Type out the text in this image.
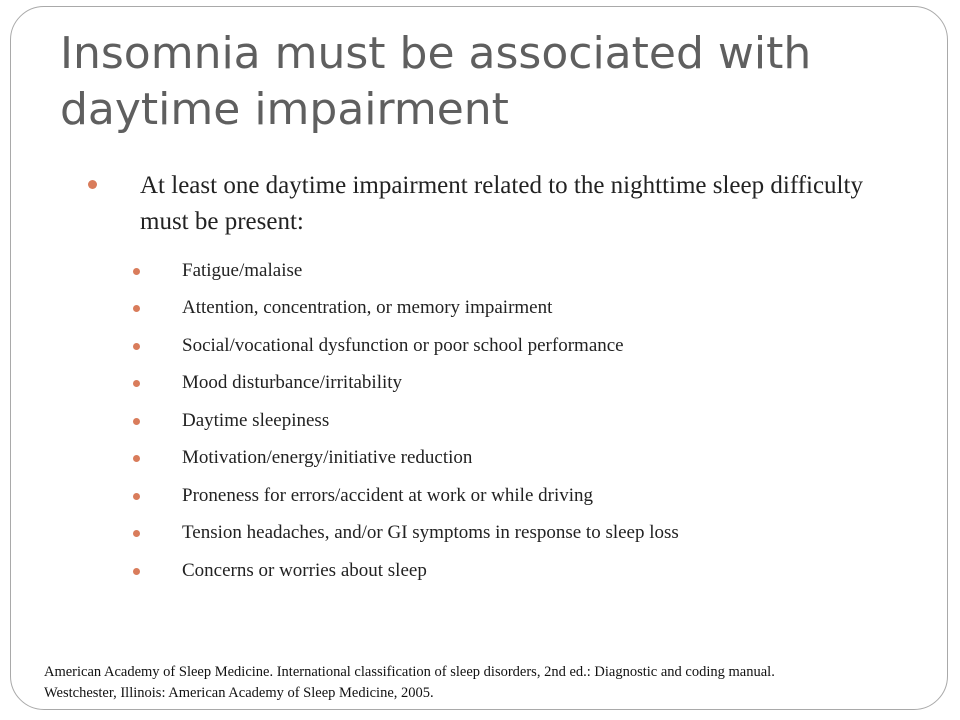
Insomnia must be associated with daytime impairment
At least one daytime impairment related to the nighttime sleep difficulty must be present:
Fatigue/malaise
Attention, concentration, or memory impairment
Social/vocational dysfunction or poor school performance
Mood disturbance/irritability
Daytime sleepiness
Motivation/energy/initiative reduction
Proneness for errors/accident at work or while driving
Tension headaches, and/or GI symptoms in response to sleep loss
Concerns or worries about sleep
American Academy of Sleep Medicine. International classification of sleep disorders, 2nd ed.: Diagnostic and coding manual.
Westchester, Illinois: American Academy of Sleep Medicine, 2005.
